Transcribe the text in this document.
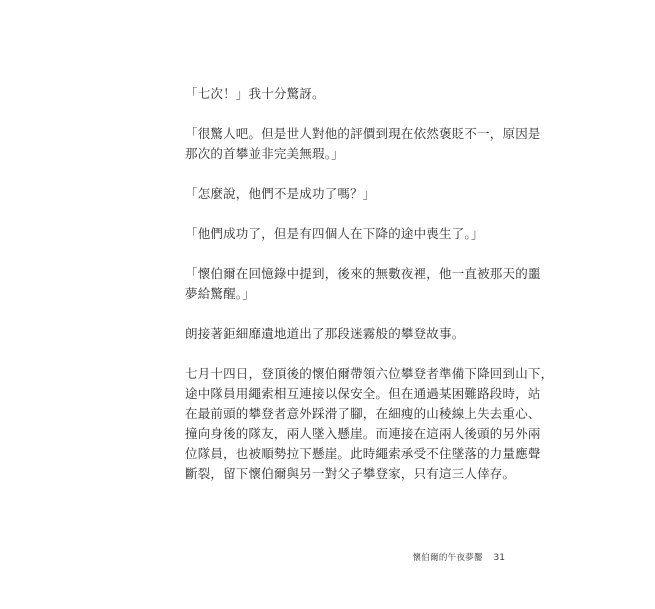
「七次！」我十分驚訝。

「很驚人吧。但是世人對他的評價到現在依然褒貶不一，原因是
那次的首攀並非完美無瑕。」

「怎麼說，他們不是成功了嗎？」

「他們成功了，但是有四個人在下降的途中喪生了。」

「懷伯爾在回憶錄中提到，後來的無數夜裡，他一直被那天的噩
夢給驚醒。」

朗接著鉅細靡遺地道出了那段迷霧般的攀登故事。

七月十四日，登頂後的懷伯爾帶領六位攀登者準備下降回到山下，
途中隊員用繩索相互連接以保安全。但在通過某困難路段時，站
在最前頭的攀登者意外踩滑了腳，在細瘦的山稜線上失去重心、
撞向身後的隊友，兩人墜入懸崖。而連接在這兩人後頭的另外兩
位隊員，也被順勢拉下懸崖。此時繩索承受不住墜落的力量應聲
斷裂，留下懷伯爾與另一對父子攀登家，只有這三人倖存。

懷伯爾的午夜夢靨 31
